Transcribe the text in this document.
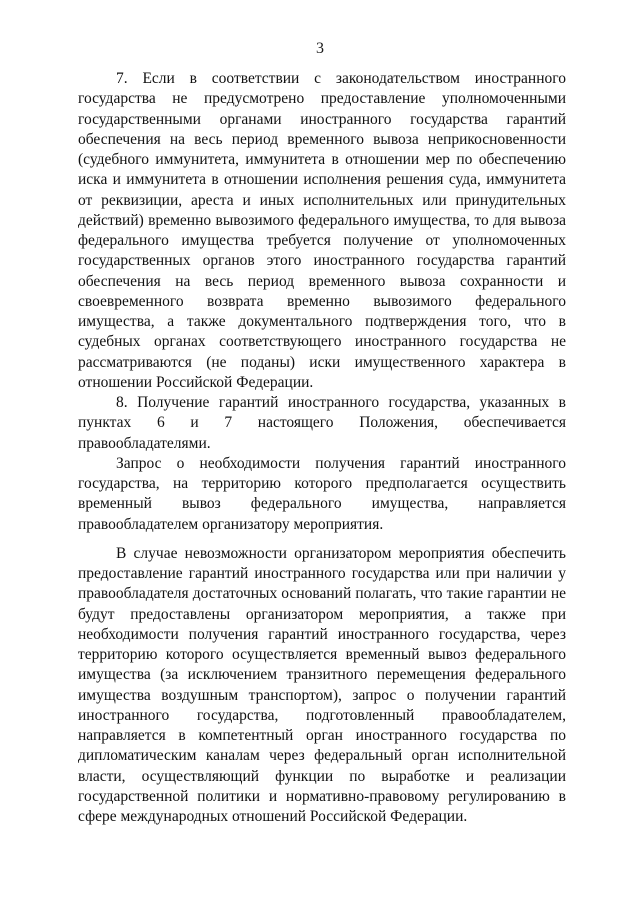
3

7. Если в соответствии с законодательством иностранного государства не предусмотрено предоставление уполномоченными государственными органами иностранного государства гарантий обеспечения на весь период временного вывоза неприкосновенности (судебного иммунитета, иммунитета в отношении мер по обеспечению иска и иммунитета в отношении исполнения решения суда, иммунитета от реквизиции, ареста и иных исполнительных или принудительных действий) временно вывозимого федерального имущества, то для вывоза федерального имущества требуется получение от уполномоченных государственных органов этого иностранного государства гарантий обеспечения на весь период временного вывоза сохранности и своевременного возврата временно вывозимого федерального имущества, а также документального подтверждения того, что в судебных органах соответствующего иностранного государства не рассматриваются (не поданы) иски имущественного характера в отношении Российской Федерации.

8. Получение гарантий иностранного государства, указанных в пунктах 6 и 7 настоящего Положения, обеспечивается правообладателями.

Запрос о необходимости получения гарантий иностранного государства, на территорию которого предполагается осуществить временный вывоз федерального имущества, направляется правообладателем организатору мероприятия.

В случае невозможности организатором мероприятия обеспечить предоставление гарантий иностранного государства или при наличии у правообладателя достаточных оснований полагать, что такие гарантии не будут предоставлены организатором мероприятия, а также при необходимости получения гарантий иностранного государства, через территорию которого осуществляется временный вывоз федерального имущества (за исключением транзитного перемещения федерального имущества воздушным транспортом), запрос о получении гарантий иностранного государства, подготовленный правообладателем, направляется в компетентный орган иностранного государства по дипломатическим каналам через федеральный орган исполнительной власти, осуществляющий функции по выработке и реализации государственной политики и нормативно-правовому регулированию в сфере международных отношений Российской Федерации.
